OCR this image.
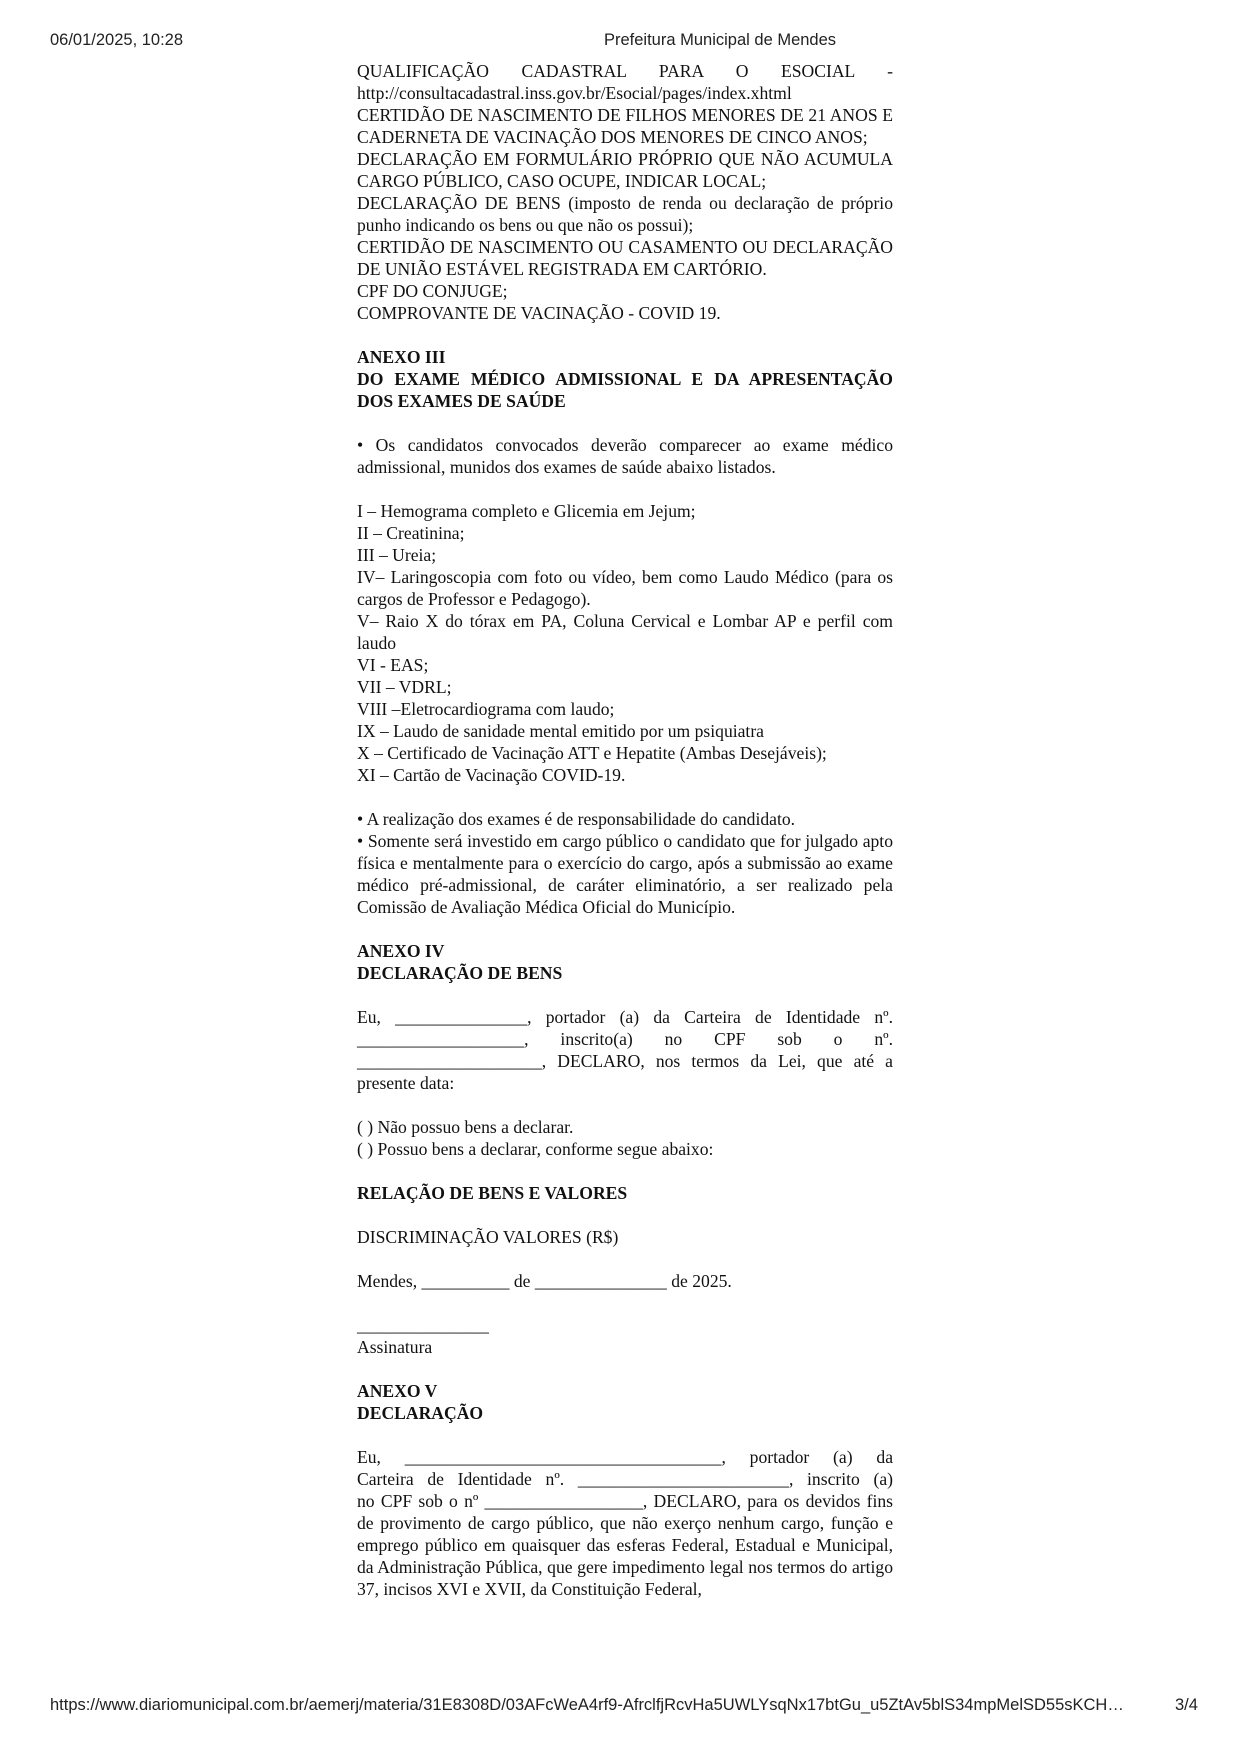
06/01/2025, 10:28	Prefeitura Municipal de Mendes

QUALIFICAÇÃO CADASTRAL PARA O ESOCIAL -

http://consultacadastral.inss.gov.br/Esocial/pages/index.xhtml

CERTIDÃO DE NASCIMENTO DE FILHOS MENORES DE 21 ANOS E CADERNETA DE VACINAÇÃO DOS MENORES DE CINCO ANOS;

DECLARAÇÃO EM FORMULÁRIO PRÓPRIO QUE NÃO ACUMULA CARGO PÚBLICO, CASO OCUPE, INDICAR LOCAL;

DECLARAÇÃO DE BENS (imposto de renda ou declaração de próprio punho indicando os bens ou que não os possui);

CERTIDÃO DE NASCIMENTO OU CASAMENTO OU DECLARAÇÃO DE UNIÃO ESTÁVEL REGISTRADA EM CARTÓRIO.

CPF DO CONJUGE;

COMPROVANTE DE VACINAÇÃO - COVID 19.

ANEXO III

DO EXAME MÉDICO ADMISSIONAL E DA APRESENTAÇÃO DOS EXAMES DE SAÚDE

• Os candidatos convocados deverão comparecer ao exame médico admissional, munidos dos exames de saúde abaixo listados.

I – Hemograma completo e Glicemia em Jejum;

II – Creatinina;

III – Ureia;

IV– Laringoscopia com foto ou vídeo, bem como Laudo Médico (para os cargos de Professor e Pedagogo).

V– Raio X do tórax em PA, Coluna Cervical e Lombar AP e perfil com laudo

VI - EAS;

VII – VDRL;

VIII –Eletrocardiograma com laudo;

IX – Laudo de sanidade mental emitido por um psiquiatra

X – Certificado de Vacinação ATT e Hepatite (Ambas Desejáveis);

XI – Cartão de Vacinação COVID-19.

• A realização dos exames é de responsabilidade do candidato.

• Somente será investido em cargo público o candidato que for julgado apto física e mentalmente para o exercício do cargo, após a submissão ao exame médico pré-admissional, de caráter eliminatório, a ser realizado pela Comissão de Avaliação Médica Oficial do Município.

ANEXO IV

DECLARAÇÃO DE BENS

Eu, _______________, portador (a) da Carteira de Identidade nº.

___________________, inscrito(a) no CPF sob o nº.

_____________________, DECLARO, nos termos da Lei, que até a

presente data:

( ) Não possuo bens a declarar.

( ) Possuo bens a declarar, conforme segue abaixo:

RELAÇÃO DE BENS E VALORES

DISCRIMINAÇÃO VALORES (R$)

Mendes, __________ de _______________ de 2025.

_______________

Assinatura

ANEXO V

DECLARAÇÃO

Eu, ____________________________________, portador (a) da

Carteira de Identidade nº. ________________________, inscrito (a)

no CPF sob o nº __________________, DECLARO, para os devidos fins de provimento de cargo público, que não exerço nenhum cargo, função e emprego público em quaisquer das esferas Federal, Estadual e Municipal, da Administração Pública, que gere impedimento legal nos termos do artigo 37, incisos XVI e XVII, da Constituição Federal,

https://www.diariomunicipal.com.br/aemerj/materia/31E8308D/03AFcWeA4rf9-AfrclfjRcvHa5UWLYsqNx17btGu_u5ZtAv5blS34mpMelSD55sKCH…	3/4
